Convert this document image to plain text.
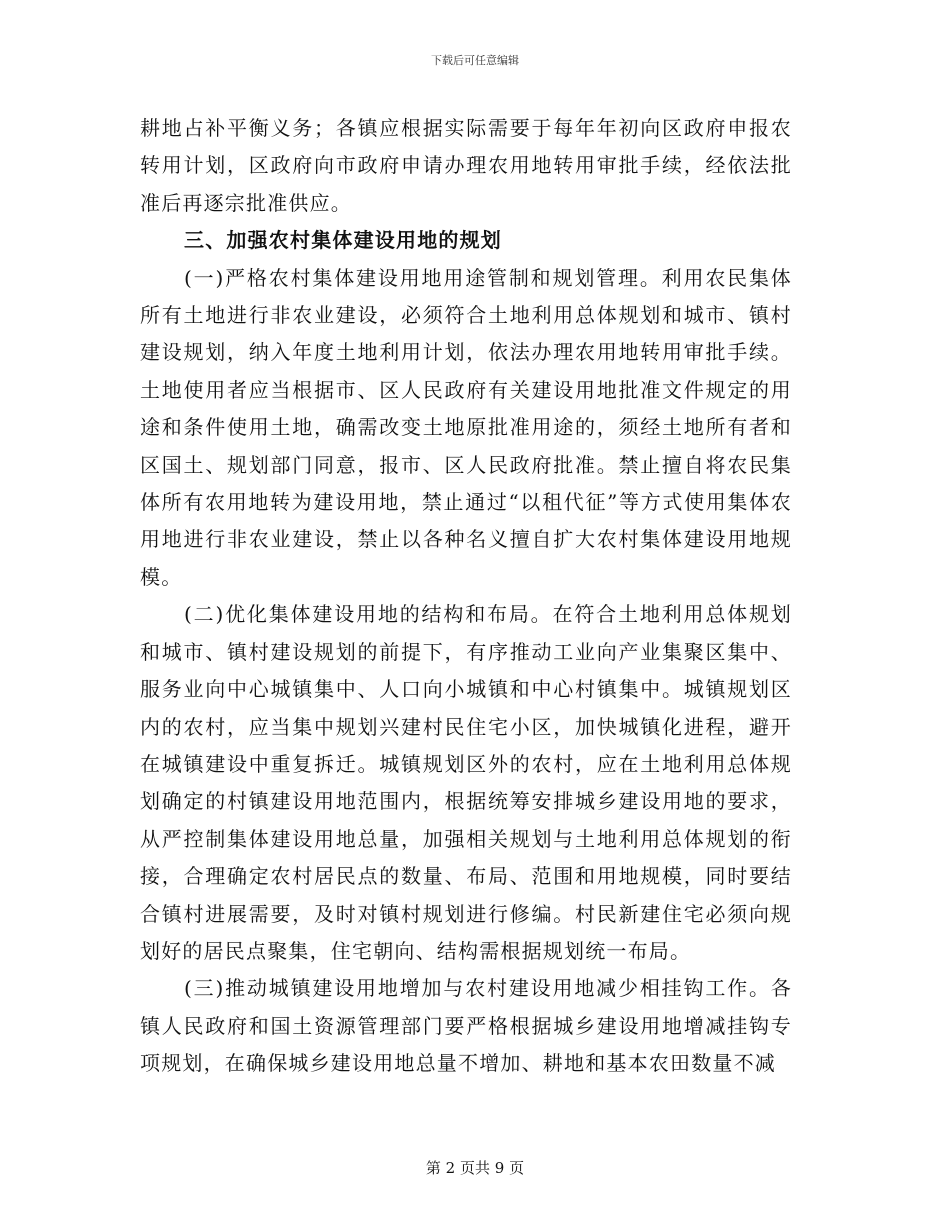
下载后可任意编辑

耕地占补平衡义务；各镇应根据实际需要于每年年初向区政府申报农转用计划，区政府向市政府申请办理农用地转用审批手续，经依法批准后再逐宗批准供应。

三、加强农村集体建设用地的规划

(一)严格农村集体建设用地用途管制和规划管理。利用农民集体所有土地进行非农业建设，必须符合土地利用总体规划和城市、镇村建设规划，纳入年度土地利用计划，依法办理农用地转用审批手续。土地使用者应当根据市、区人民政府有关建设用地批准文件规定的用途和条件使用土地，确需改变土地原批准用途的，须经土地所有者和区国土、规划部门同意，报市、区人民政府批准。禁止擅自将农民集体所有农用地转为建设用地，禁止通过“以租代征”等方式使用集体农用地进行非农业建设，禁止以各种名义擅自扩大农村集体建设用地规模。

(二)优化集体建设用地的结构和布局。在符合土地利用总体规划和城市、镇村建设规划的前提下，有序推动工业向产业集聚区集中、服务业向中心城镇集中、人口向小城镇和中心村镇集中。城镇规划区内的农村，应当集中规划兴建村民住宅小区，加快城镇化进程，避开在城镇建设中重复拆迁。城镇规划区外的农村，应在土地利用总体规划确定的村镇建设用地范围内，根据统筹安排城乡建设用地的要求，从严控制集体建设用地总量，加强相关规划与土地利用总体规划的衔接，合理确定农村居民点的数量、布局、范围和用地规模，同时要结合镇村进展需要，及时对镇村规划进行修编。村民新建住宅必须向规划好的居民点聚集，住宅朝向、结构需根据规划统一布局。

(三)推动城镇建设用地增加与农村建设用地减少相挂钩工作。各镇人民政府和国土资源管理部门要严格根据城乡建设用地增减挂钩专项规划，在确保城乡建设用地总量不增加、耕地和基本农田数量不减

第 2 页共 9 页
